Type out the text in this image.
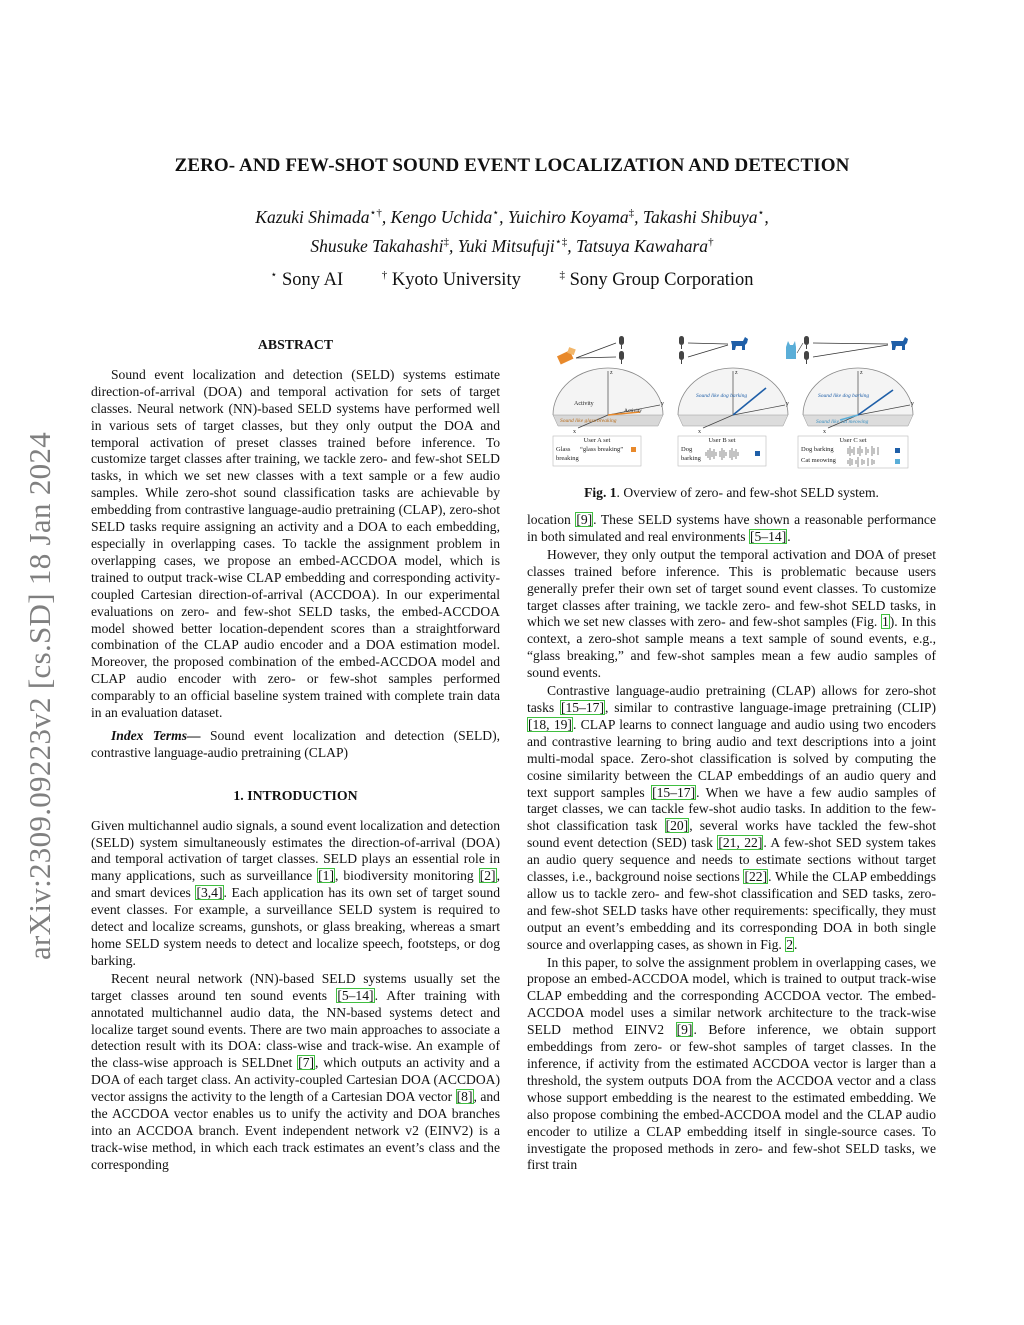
arXiv:2309.09223v2 [cs.SD] 18 Jan 2024
ZERO- AND FEW-SHOT SOUND EVENT LOCALIZATION AND DETECTION
Kazuki Shimada⋆†, Kengo Uchida⋆, Yuichiro Koyama‡, Takashi Shibuya⋆,
Shusuke Takahashi‡, Yuki Mitsufuji⋆‡, Tatsuya Kawahara†
⋆ Sony AI	† Kyoto University	‡ Sony Group Corporation
ABSTRACT

Sound event localization and detection (SELD) systems estimate direction-of-arrival (DOA) and temporal activation for sets of target classes. Neural network (NN)-based SELD systems have performed well in various sets of target classes, but they only output the DOA and temporal activation of preset classes trained before inference. To customize target classes after training, we tackle zero- and few-shot SELD tasks, in which we set new classes with a text sample or a few audio samples. While zero-shot sound classification tasks are achievable by embedding from contrastive language-audio pretraining (CLAP), zero-shot SELD tasks require assigning an activity and a DOA to each embedding, especially in overlapping cases. To tackle the assignment problem in overlapping cases, we propose an embed-ACCDOA model, which is trained to output track-wise CLAP embedding and corresponding activity-coupled Cartesian direction-of-arrival (ACCDOA). In our experimental evaluations on zero- and few-shot SELD tasks, the embed-ACCDOA model showed better location-dependent scores than a straightforward combination of the CLAP audio encoder and a DOA estimation model. Moreover, the proposed combination of the embed-ACCDOA model and CLAP audio encoder with zero- or few-shot samples performed comparably to an official baseline system trained with complete train data in an evaluation dataset.

Index Terms— Sound event localization and detection (SELD), contrastive language-audio pretraining (CLAP)

1. INTRODUCTION

Given multichannel audio signals, a sound event localization and detection (SELD) system simultaneously estimates the direction-of-arrival (DOA) and temporal activation of target classes. SELD plays an essential role in many applications, such as surveillance [1], biodiversity monitoring [2], and smart devices [3,4]. Each application has its own set of target sound event classes. For example, a surveillance SELD system is required to detect and localize screams, gunshots, or glass breaking, whereas a smart home SELD system needs to detect and localize speech, footsteps, or dog barking.

Recent neural network (NN)-based SELD systems usually set the target classes around ten sound events [5–14]. After training with annotated multichannel audio data, the NN-based systems detect and localize target sound events. There are two main approaches to associate a detection result with its DOA: class-wise and track-wise. An example of the class-wise approach is SELDnet [7], which outputs an activity and a DOA of each target class. An activity-coupled Cartesian DOA (ACCDOA) vector assigns the activity to the length of a Cartesian DOA vector [8], and the ACCDOA vector enables us to unify the activity and DOA branches into an ACCDOA branch. Event independent network v2 (EINV2) is a track-wise method, in which each track estimates an event’s class and the corresponding

z
y
x
Activity
Activity
Sound like glass breaking
User A set
Glass
breaking
“glass breaking”
z
y
x
Sound like dog barking
User B set
Dog
barking
z
y
x
Sound like dog barking
Sound like cat meowing
User C set
Dog barking
Cat meowing
Fig. 1. Overview of zero- and few-shot SELD system.

location [9]. These SELD systems have shown a reasonable performance in both simulated and real environments [5–14].

However, they only output the temporal activation and DOA of preset classes trained before inference. This is problematic because users generally prefer their own set of target sound event classes. To customize target classes after training, we tackle zero- and few-shot SELD tasks, in which we set new classes with zero- and few-shot samples (Fig. 1). In this context, a zero-shot sample means a text sample of sound events, e.g., “glass breaking,” and few-shot samples mean a few audio samples of sound events.

Contrastive language-audio pretraining (CLAP) allows for zero-shot tasks [15–17], similar to contrastive language-image pretraining (CLIP) [18, 19]. CLAP learns to connect language and audio using two encoders and contrastive learning to bring audio and text descriptions into a joint multi-modal space. Zero-shot classification is solved by computing the cosine similarity between the CLAP embeddings of an audio query and text support samples [15–17]. When we have a few audio samples of target classes, we can tackle few-shot audio tasks. In addition to the few-shot classification task [20], several works have tackled the few-shot sound event detection (SED) task [21, 22]. A few-shot SED system takes an audio query sequence and needs to estimate sections without target classes, i.e., background noise sections [22]. While the CLAP embeddings allow us to tackle zero- and few-shot classification and SED tasks, zero- and few-shot SELD tasks have other requirements: specifically, they must output an event’s embedding and its corresponding DOA in both single source and overlapping cases, as shown in Fig. 2.

In this paper, to solve the assignment problem in overlapping cases, we propose an embed-ACCDOA model, which is trained to output track-wise CLAP embedding and the corresponding ACCDOA vector. The embed-ACCDOA model uses a similar network architecture to the track-wise SELD method EINV2 [9]. Before inference, we obtain support embeddings from zero- or few-shot samples of target classes. In the inference, if activity from the estimated ACCDOA vector is larger than a threshold, the system outputs DOA from the ACCDOA vector and a class whose support embedding is the nearest to the estimated embedding. We also propose combining the embed-ACCDOA model and the CLAP audio encoder to utilize a CLAP embedding itself in single-source cases. To investigate the proposed methods in zero- and few-shot SELD tasks, we first train
